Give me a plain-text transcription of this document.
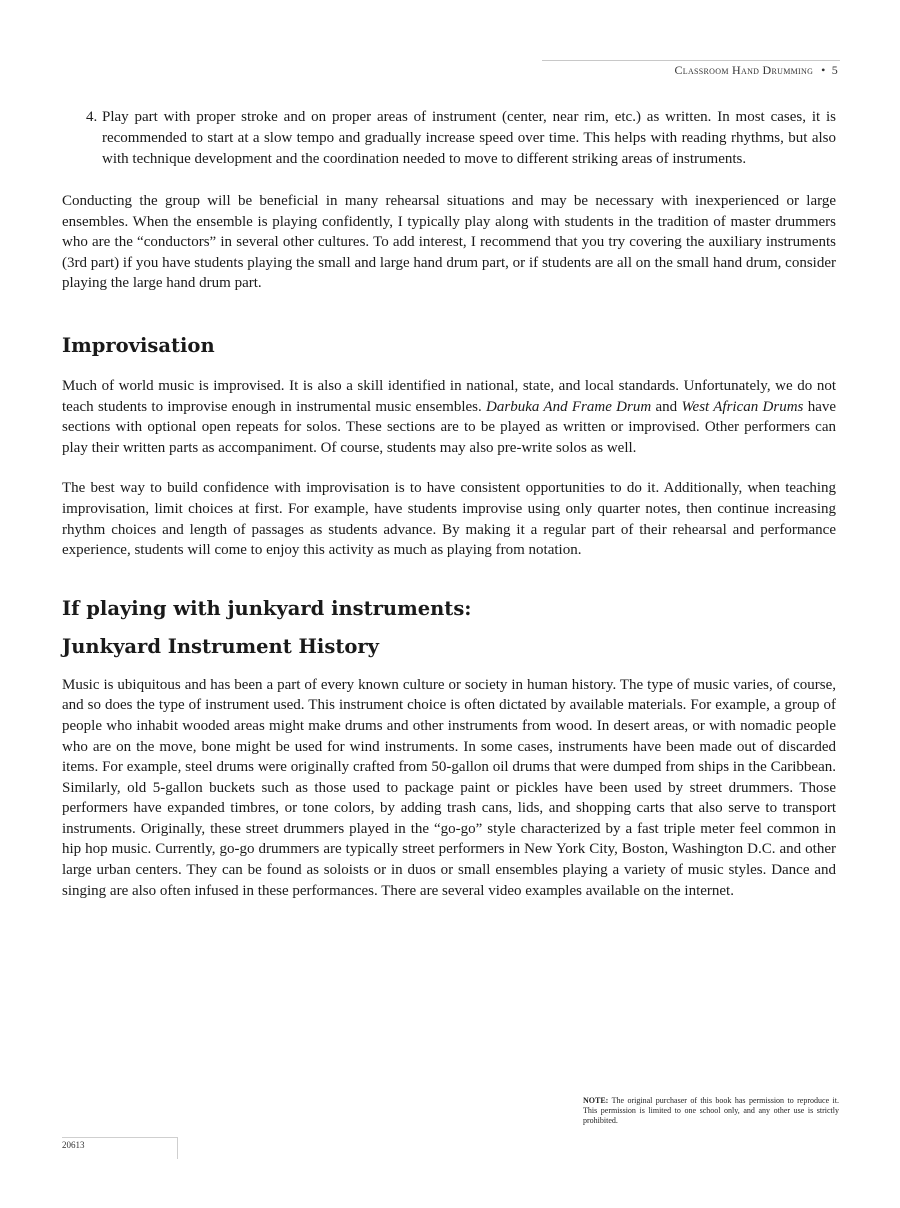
Classroom Hand Drumming • 5
4. Play part with proper stroke and on proper areas of instrument (center, near rim, etc.) as written. In most cases, it is recommended to start at a slow tempo and gradually increase speed over time. This helps with reading rhythms, but also with technique development and the coordination needed to move to different striking areas of instruments.

Conducting the group will be beneficial in many rehearsal situations and may be necessary with inexperienced or large ensembles. When the ensemble is playing confidently, I typically play along with students in the tradition of master drummers who are the “conductors” in several other cultures. To add interest, I recommend that you try covering the auxiliary instruments (3rd part) if you have students playing the small and large hand drum part, or if students are all on the small hand drum, consider playing the large hand drum part.

Improvisation

Much of world music is improvised. It is also a skill identified in national, state, and local standards. Unfortunately, we do not teach students to improvise enough in instrumental music ensembles. Darbuka And Frame Drum and West African Drums have sections with optional open repeats for solos. These sections are to be played as written or improvised. Other performers can play their written parts as accompaniment. Of course, students may also pre-write solos as well.

The best way to build confidence with improvisation is to have consistent opportunities to do it. Additionally, when teaching improvisation, limit choices at first. For example, have students improvise using only quarter notes, then continue increasing rhythm choices and length of passages as students advance. By making it a regular part of their rehearsal and performance experience, students will come to enjoy this activity as much as playing from notation.

If playing with junkyard instruments:
Junkyard Instrument History

Music is ubiquitous and has been a part of every known culture or society in human history. The type of music varies, of course, and so does the type of instrument used. This instrument choice is often dictated by available materials. For example, a group of people who inhabit wooded areas might make drums and other instruments from wood. In desert areas, or with nomadic people who are on the move, bone might be used for wind instruments. In some cases, instruments have been made out of discarded items. For example, steel drums were originally crafted from 50-gallon oil drums that were dumped from ships in the Caribbean. Similarly, old 5-gallon buckets such as those used to package paint or pickles have been used by street drummers. Those performers have expanded timbres, or tone colors, by adding trash cans, lids, and shopping carts that also serve to transport instruments. Originally, these street drummers played in the “go-go” style characterized by a fast triple meter feel common in hip hop music. Currently, go-go drummers are typically street performers in New York City, Boston, Washington D.C. and other large urban centers. They can be found as soloists or in duos or small ensembles playing a variety of music styles. Dance and singing are also often infused in these performances. There are several video examples available on the internet.

NOTE: The original purchaser of this book has permission to reproduce it. This permission is limited to one school only, and any other use is strictly prohibited.
20613
